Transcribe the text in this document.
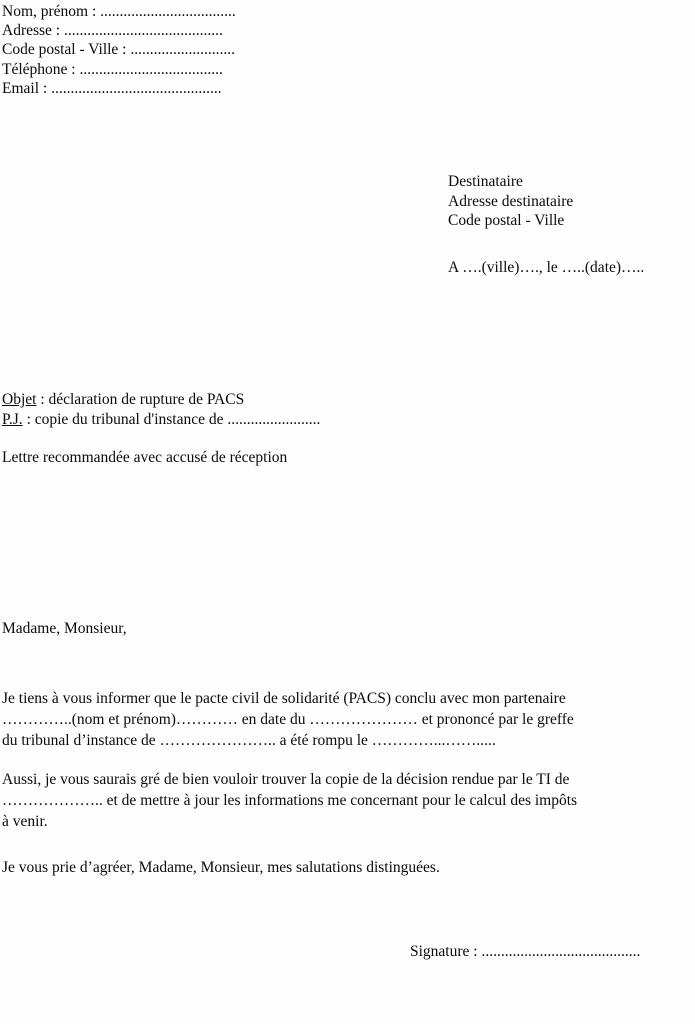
Nom, prénom : ...................................
Adresse : .........................................
Code postal - Ville : ...........................
Téléphone : .....................................
Email : ............................................
Destinataire
Adresse destinataire
Code postal - Ville
A ….(ville)…., le …..(date)…..
Objet : déclaration de rupture de PACS
P.J. : copie du tribunal d'instance de ........................
Lettre recommandée avec accusé de réception
Madame, Monsieur,
Je tiens à vous informer que le pacte civil de solidarité (PACS) conclu avec mon partenaire
…………..(nom et prénom)………… en date du ………………… et prononcé par le greffe
du tribunal d’instance de ………………….. a été rompu le …………...…….....
Aussi, je vous saurais gré de bien vouloir trouver la copie de la décision rendue par le TI de
……………….. et de mettre à jour les informations me concernant pour le calcul des impôts
à venir.
Je vous prie d’agréer, Madame, Monsieur, mes salutations distinguées.
Signature : .........................................
